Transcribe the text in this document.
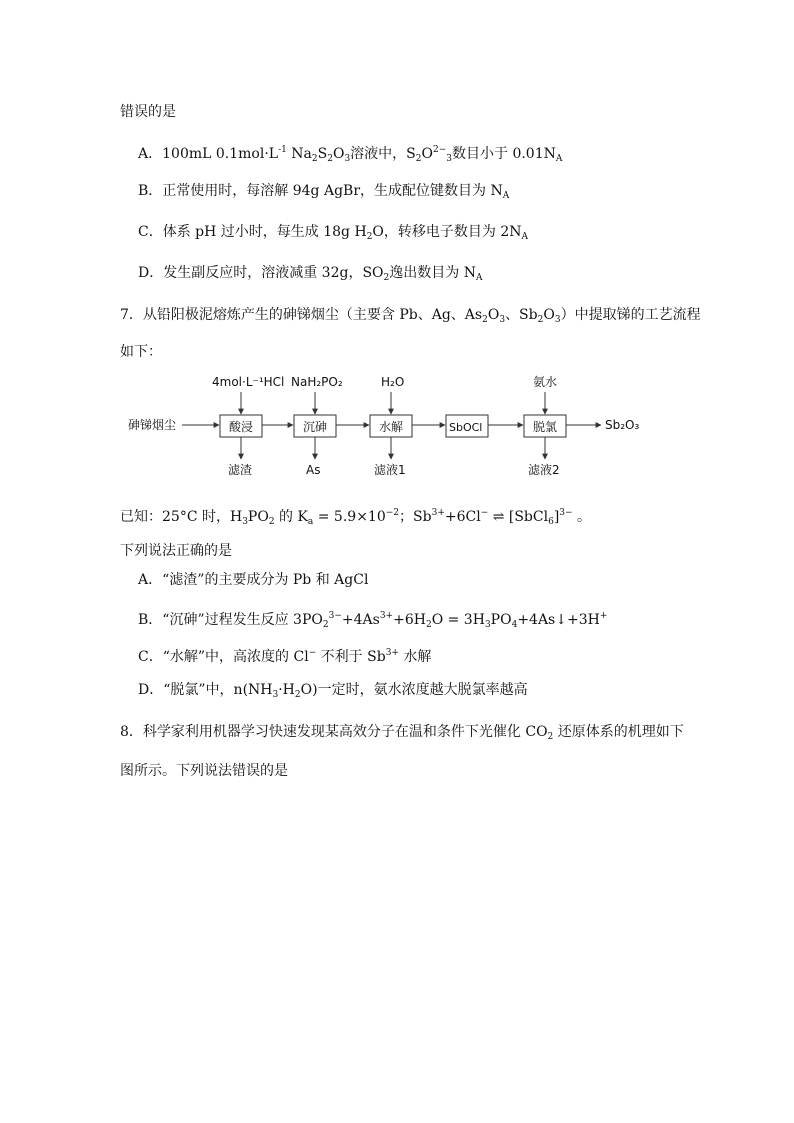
错误的是
A．100mL $0.1mol\cdot L^{-1}$ $Na_2S_2O_3$溶液中，$S_2O^{2-}_3$数目小于 $0.01N_A$
B．正常使用时，每溶解 94g AgBr，生成配位键数目为 $N_A$
C．体系 pH 过小时，每生成 18g $H_2O$，转移电子数目为 $2N_A$
D．发生副反应时，溶液减重 32g，$SO_2$逸出数目为 $N_A$
7．从铅阳极泥熔炼产生的砷锑烟尘（主要含 Pb、Ag、$As_2O_3$、$Sb_2O_3$）中提取锑的工艺流程
如下：
砷锑烟尘	酸浸	沉砷	水解	SbOCl	脱氯	Sb₂O₃
4mol·L⁻¹HCl NaH₂PO₂	H₂O	氨水
滤渣	As	滤液1	滤液2
已知：25°C 时，$H_3PO_2$ 的 $K_a = 5.9\times 10^{-2}$；$Sb^{3+}+6Cl^-$ ⇌ [SbCl$_6$]$^{3-}$ 。
下列说法正确的是
A．“滤渣”的主要成分为 Pb 和 AgCl
B．“沉砷”过程发生反应 $3PO_2^{3-}+4As^{3+}+6H_2O$ = $3H_3PO_4+4As↓+3H^+$
C．“水解”中，高浓度的 Cl− 不利于 $Sb^{3+}$ 水解
D．“脱氯”中，$n(NH_3\cdot H_2O)$一定时，氨水浓度越大脱氯率越高
8．科学家利用机器学习快速发现某高效分子在温和条件下光催化 $CO_2$ 还原体系的机理如下
图所示。下列说法错误的是
